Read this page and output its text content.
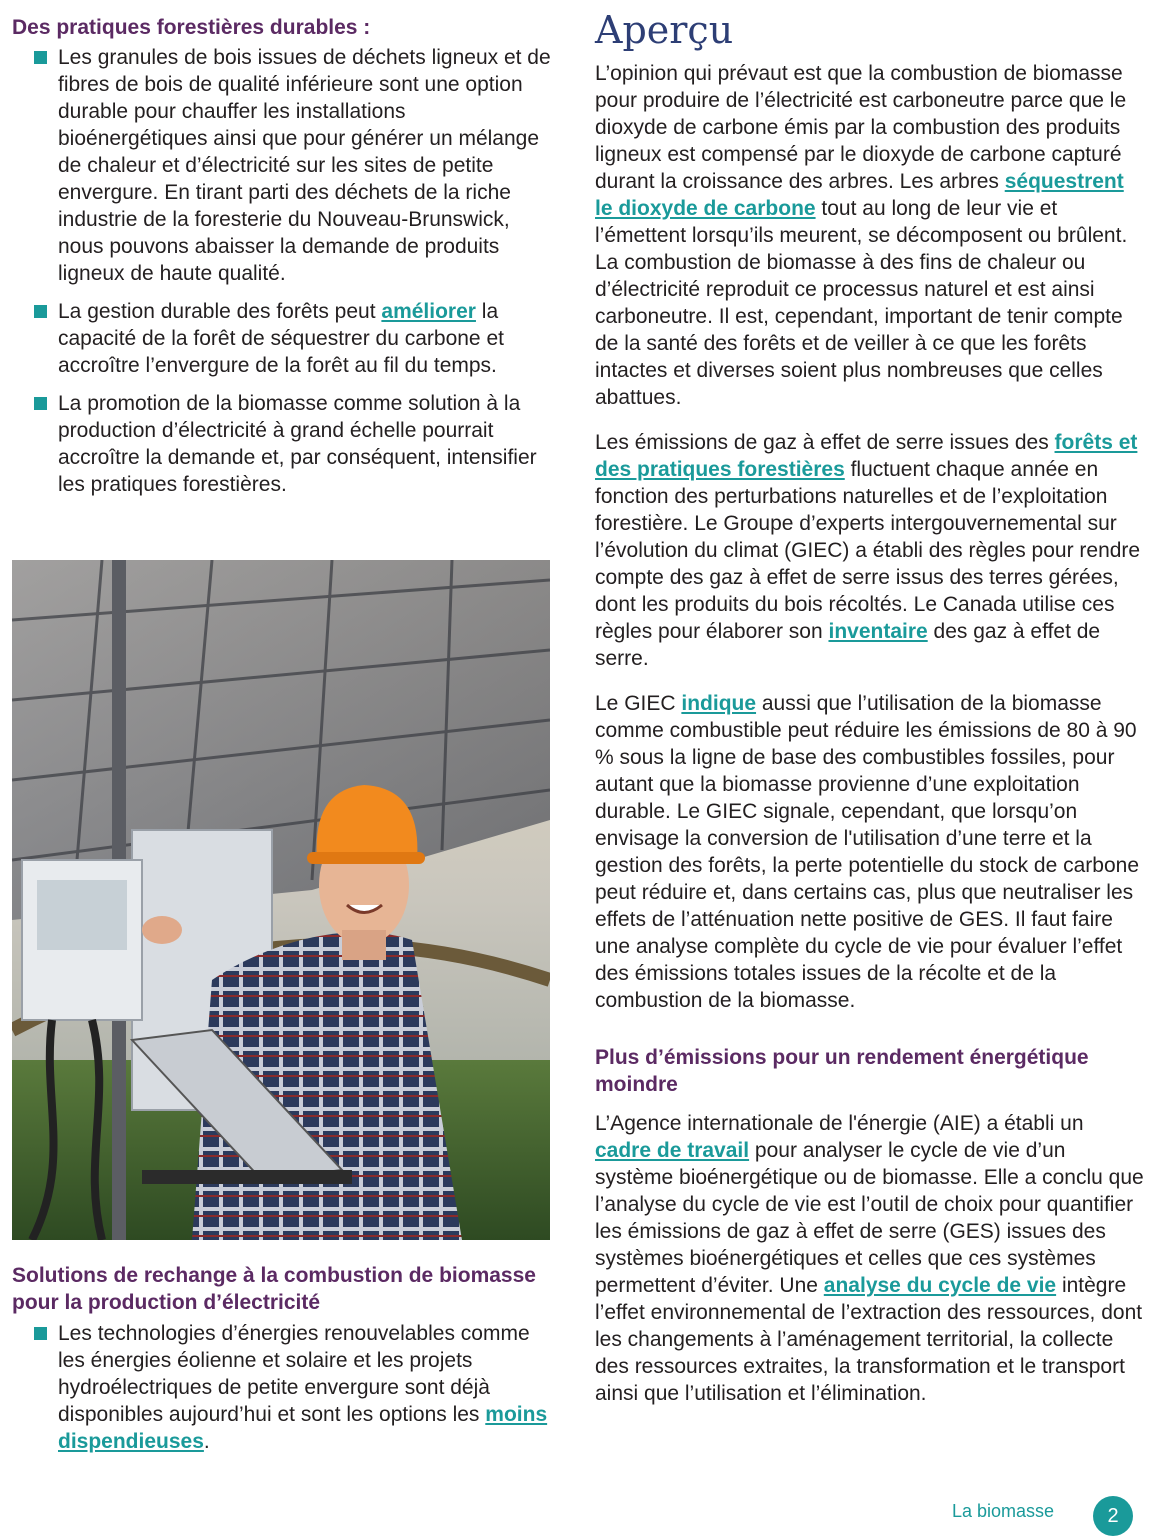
Des pratiques forestières durables :
Les granules de bois issues de déchets ligneux et de fibres de bois de qualité inférieure sont une option durable pour chauffer les installations bioénergétiques ainsi que pour générer un mélange de chaleur et d’électricité sur les sites de petite envergure. En tirant parti des déchets de la riche industrie de la foresterie du Nouveau-Brunswick, nous pouvons abaisser la demande de produits ligneux de haute qualité.
La gestion durable des forêts peut améliorer la capacité de la forêt de séquestrer du carbone et accroître l’envergure de la forêt au fil du temps.
La promotion de la biomasse comme solution à la production d’électricité à grand échelle pourrait accroître la demande et, par conséquent, intensifier les pratiques forestières.
Solutions de rechange à la combustion de biomasse pour la production d’électricité
Les technologies d’énergies renouvelables comme les énergies éolienne et solaire et les projets hydroélectriques de petite envergure sont déjà disponibles aujourd’hui et sont les options les moins dispendieuses.
Aperçu

L’opinion qui prévaut est que la combustion de biomasse pour produire de l’électricité est carboneutre parce que le dioxyde de carbone émis par la combustion des produits ligneux est compensé par le dioxyde de carbone capturé durant la croissance des arbres. Les arbres séquestrent le dioxyde de carbone tout au long de leur vie et l’émettent lorsqu’ils meurent, se décomposent ou brûlent. La combustion de biomasse à des fins de chaleur ou d’électricité reproduit ce processus naturel et est ainsi carboneutre. Il est, cependant, important de tenir compte de la santé des forêts et de veiller à ce que les forêts intactes et diverses soient plus nombreuses que celles abattues.

Les émissions de gaz à effet de serre issues des forêts et des pratiques forestières fluctuent chaque année en fonction des perturbations naturelles et de l’exploitation forestière. Le Groupe d’experts intergouvernemental sur l’évolution du climat (GIEC) a établi des règles pour rendre compte des gaz à effet de serre issus des terres gérées, dont les produits du bois récoltés. Le Canada utilise ces règles pour élaborer son inventaire des gaz à effet de serre.

Le GIEC indique aussi que l’utilisation de la biomasse comme combustible peut réduire les émissions de 80 à 90 % sous la ligne de base des combustibles fossiles, pour autant que la biomasse provienne d’une exploitation durable. Le GIEC signale, cependant, que lorsqu’on envisage la conversion de l'utilisation d’une terre et la gestion des forêts, la perte potentielle du stock de carbone peut réduire et, dans certains cas, plus que neutraliser les effets de l’atténuation nette positive de GES. Il faut faire une analyse complète du cycle de vie pour évaluer l’effet des émissions totales issues de la récolte et de la combustion de la biomasse.

Plus d’émissions pour un rendement énergétique moindre

L’Agence internationale de l'énergie (AIE) a établi un cadre de travail pour analyser le cycle de vie d’un système bioénergétique ou de biomasse. Elle a conclu que l’analyse du cycle de vie est l’outil de choix pour quantifier les émissions de gaz à effet de serre (GES) issues des systèmes bioénergétiques et celles que ces systèmes permettent d’éviter. Une analyse du cycle de vie intègre l’effet environnemental de l’extraction des ressources, dont les changements à l’aménagement territorial, la collecte des ressources extraites, la transformation et le transport ainsi que l’utilisation et l’élimination.

La biomasse	2
